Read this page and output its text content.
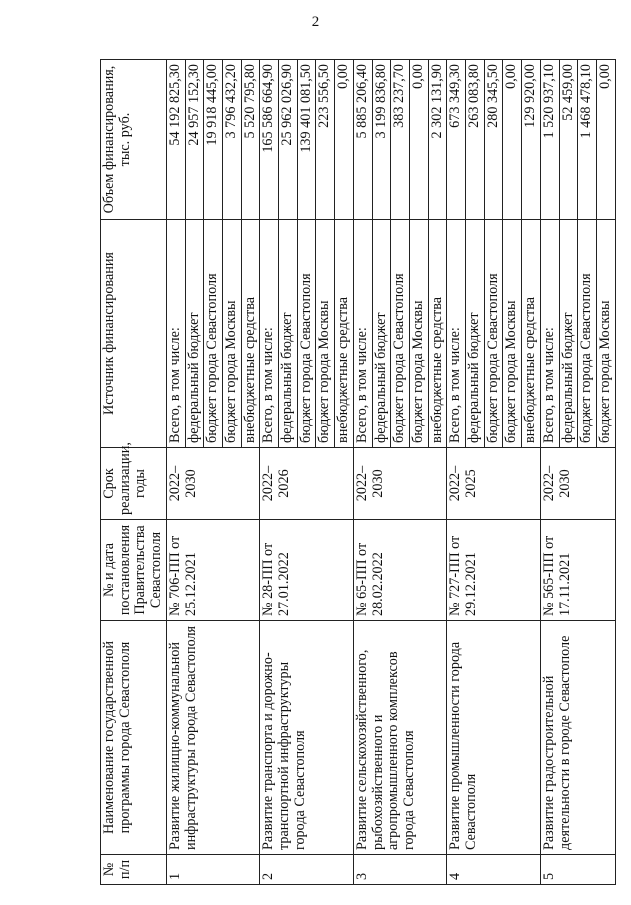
2
№ п/п	Наименование государственной программы города Севастополя	№ и дата постановления Правительства Севастополя	Срок реализации, годы	Источник финансирования	Объем финансирования, тыс. руб.
1	Развитие жилищно-коммунальной инфраструктуры города Севастополя	№ 706-ПП от 25.12.2021	2022–2030	Всего, в том числе:	54 192 825,30
				федеральный бюджет	24 957 152,30
				бюджет города Севастополя	19 918 445,00
				бюджет города Москвы	3 796 432,20
				внебюджетные средства	5 520 795,80
2	Развитие транспорта и дорожно-транспортной инфраструктуры города Севастополя	№ 28-ПП от 27.01.2022	2022–2026	Всего, в том числе:	165 586 664,90
				федеральный бюджет	25 962 026,90
				бюджет города Севастополя	139 401 081,50
				бюджет города Москвы	223 556,50
				внебюджетные средства	0,00
3	Развитие сельскохозяйственного, рыбохозяйственного и агропромышленного комплексов города Севастополя	№ 65-ПП от 28.02.2022	2022–2030	Всего, в том числе:	5 885 206,40
				федеральный бюджет	3 199 836,80
				бюджет города Севастополя	383 237,70
				бюджет города Москвы	0,00
				внебюджетные средства	2 302 131,90
4	Развитие промышленности города Севастополя	№ 727-ПП от 29.12.2021	2022–2025	Всего, в том числе:	673 349,30
				федеральный бюджет	263 083,80
				бюджет города Севастополя	280 345,50
				бюджет города Москвы	0,00
				внебюджетные средства	129 920,00
5	Развитие градостроительной деятельности в городе Севастополе	№ 565-ПП от 17.11.2021	2022–2030	Всего, в том числе:	1 520 937,10
				федеральный бюджет	52 459,00
				бюджет города Севастополя	1 468 478,10
				бюджет города Москвы	0,00
